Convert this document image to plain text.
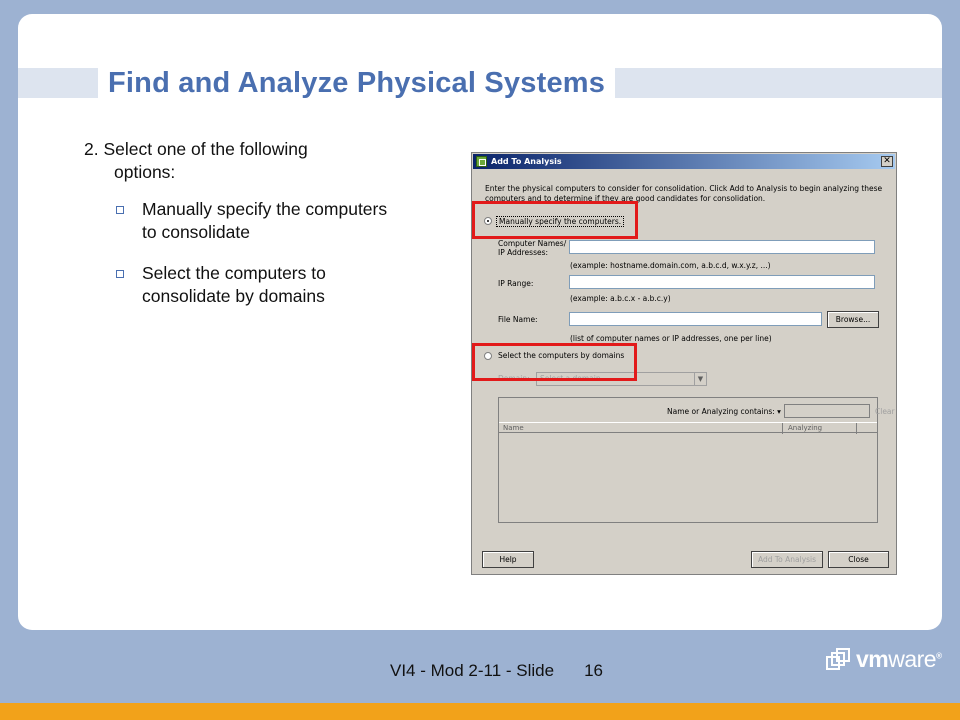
Find and Analyze Physical Systems
2. Select one of the following
options:
Manually specify the computers to consolidate
Select the computers to consolidate by domains
Add To Analysis	✕
Enter the physical computers to consider for consolidation. Click Add to Analysis to begin analyzing these computers and to determine if they are good candidates for consolidation.
Manually specify the computers.
Computer Names/
IP Addresses:
(example: hostname.domain.com, a.b.c.d, w.x.y.z, ...)
IP Range:
(example: a.b.c.x - a.b.c.y)
File Name:	Browse...
(list of computer names or IP addresses, one per line)
Select the computers by domains
Domain:	Select a domain	▼
Name or Analyzing contains: ▾	Clear
Name	Analyzing
Help	Add To Analysis	Close
VI4 - Mod 2-11 - Slide 16	vmware®
